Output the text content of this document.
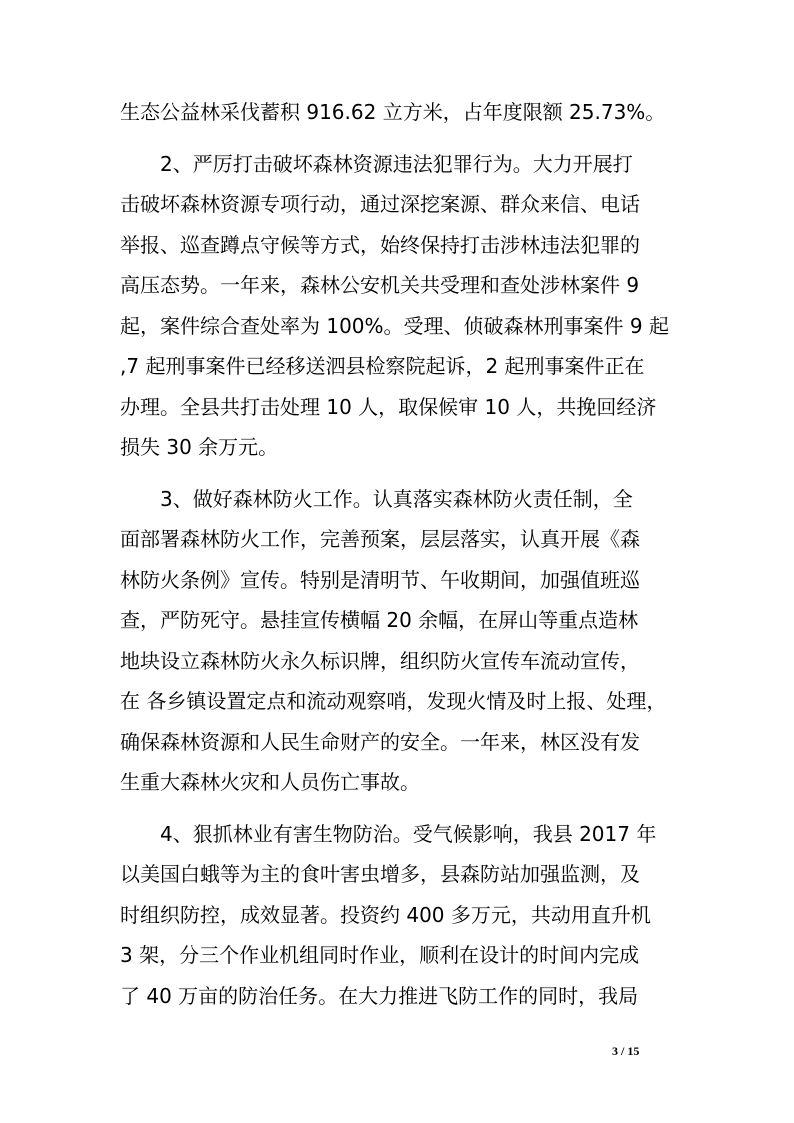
生态公益林采伐蓄积 916.62 立方米，占年度限额 25.73%。

2、严厉打击破坏森林资源违法犯罪行为。大力开展打
击破坏森林资源专项行动，通过深挖案源、群众来信、电话
举报、巡查蹲点守候等方式，始终保持打击涉林违法犯罪的
高压态势。一年来，森林公安机关共受理和查处涉林案件 9
起，案件综合查处率为 100%。受理、侦破森林刑事案件 9 起
,7 起刑事案件已经移送泗县检察院起诉，2 起刑事案件正在
办理。全县共打击处理 10 人，取保候审 10 人，共挽回经济
损失 30 余万元。

3、做好森林防火工作。认真落实森林防火责任制，全
面部署森林防火工作，完善预案，层层落实，认真开展《森
林防火条例》宣传。特别是清明节、午收期间，加强值班巡
查，严防死守。悬挂宣传横幅 20 余幅，在屏山等重点造林
地块设立森林防火永久标识牌，组织防火宣传车流动宣传，
在 各乡镇设置定点和流动观察哨，发现火情及时上报、处理，
确保森林资源和人民生命财产的安全。一年来，林区没有发
生重大森林火灾和人员伤亡事故。

4、狠抓林业有害生物防治。受气候影响，我县 2017 年
以美国白蛾等为主的食叶害虫增多，县森防站加强监测，及
时组织防控，成效显著。投资约 400 多万元，共动用直升机
3 架，分三个作业机组同时作业，顺利在设计的时间内完成
了 40 万亩的防治任务。在大力推进飞防工作的同时，我局

3 / 15
